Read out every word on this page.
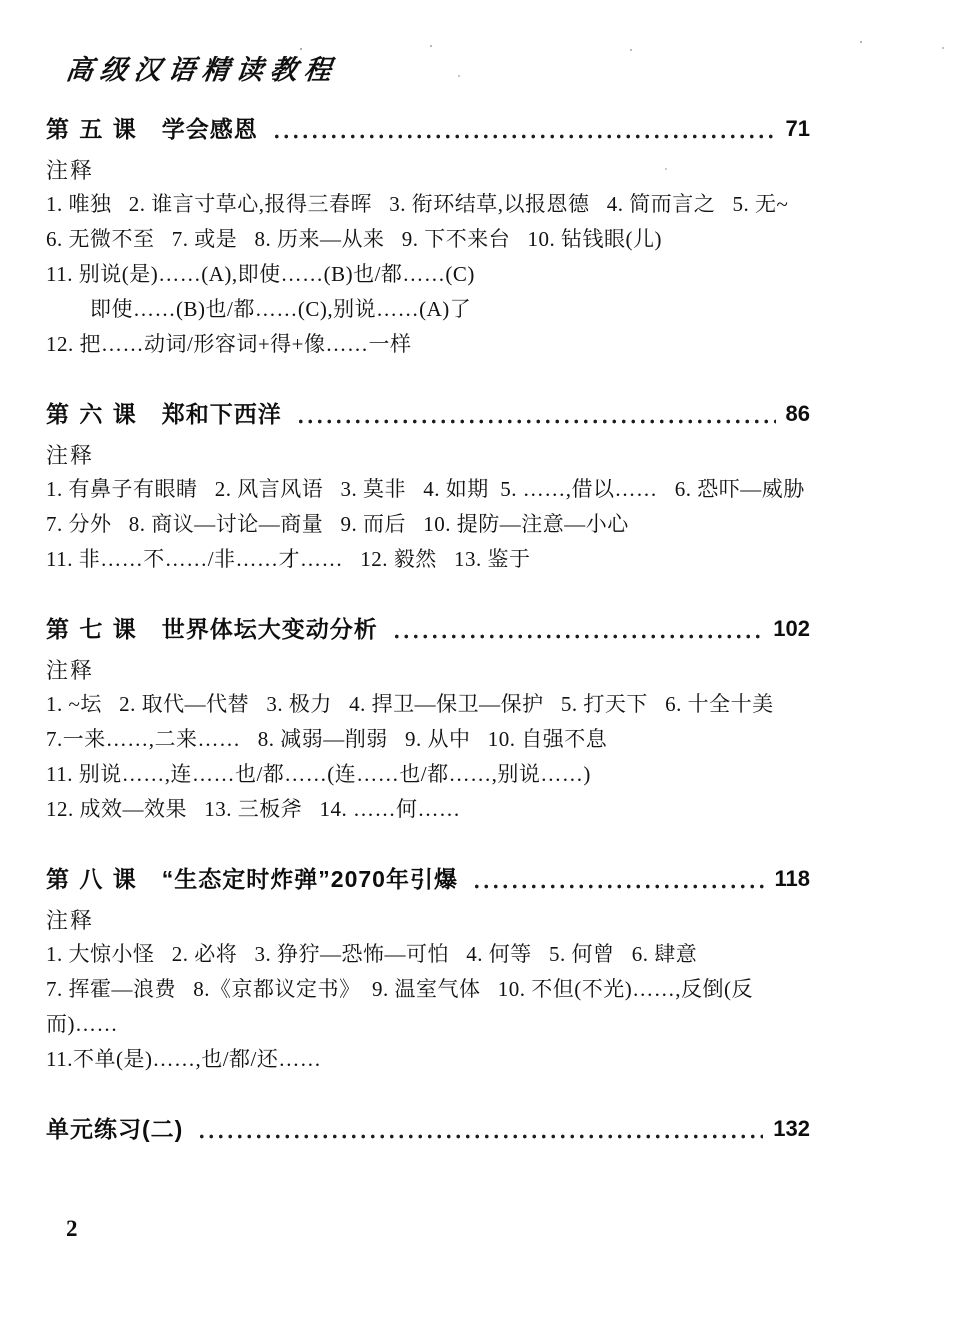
高级汉语精读教程
第 五 课 学会感恩	71
注释
1. 唯独   2. 谁言寸草心,报得三春晖   3. 衔环结草,以报恩德   4. 简而言之   5. 无~
6. 无微不至   7. 或是   8. 历来—从来   9. 下不来台   10. 钻钱眼(儿)
11. 别说(是)……(A),即使……(B)也/都……(C)
即使……(B)也/都……(C),别说……(A)了
12. 把……动词/形容词+得+像……一样
第 六 课 郑和下西洋	86
注释
1. 有鼻子有眼睛   2. 风言风语   3. 莫非   4. 如期  5. ……,借以……   6. 恐吓—威胁
7. 分外   8. 商议—讨论—商量   9. 而后   10. 提防—注意—小心
11. 非……不……/非……才……   12. 毅然   13. 鉴于
第 七 课 世界体坛大变动分析	102
注释
1. ~坛   2. 取代—代替   3. 极力   4. 捍卫—保卫—保护   5. 打天下   6. 十全十美
7.一来……,二来……   8. 减弱—削弱   9. 从中   10. 自强不息
11. 别说……,连……也/都……(连……也/都……,别说……)
12. 成效—效果   13. 三板斧   14. ……何……
第 八 课 “生态定时炸弹”2070年引爆	118
注释
1. 大惊小怪   2. 必将   3. 狰狞—恐怖—可怕   4. 何等   5. 何曾   6. 肆意
7. 挥霍—浪费   8.《京都议定书》  9. 温室气体   10. 不但(不光)……,反倒(反而)……
11.不单(是)……,也/都/还……
单元练习(二)	132
2
